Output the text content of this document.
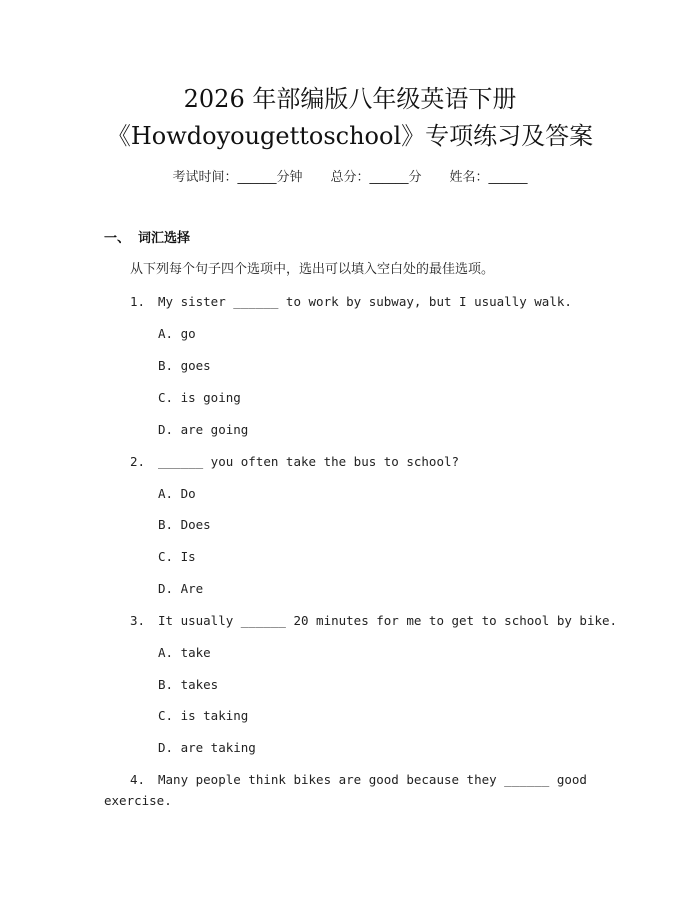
2026 年部编版八年级英语下册
《Howdoyougettoschool》专项练习及答案
考试时间：______分钟 总分：______分 姓名：______
一、 词汇选择
从下列每个句子四个选项中，选出可以填入空白处的最佳选项。
1. My sister ______ to work by subway, but I usually walk.
A. go
B. goes
C. is going
D. are going
2. ______ you often take the bus to school?
A. Do
B. Does
C. Is
D. Are
3. It usually ______ 20 minutes for me to get to school by bike.
A. take
B. takes
C. is taking
D. are taking
4. Many people think bikes are good because they ______ good
exercise.
